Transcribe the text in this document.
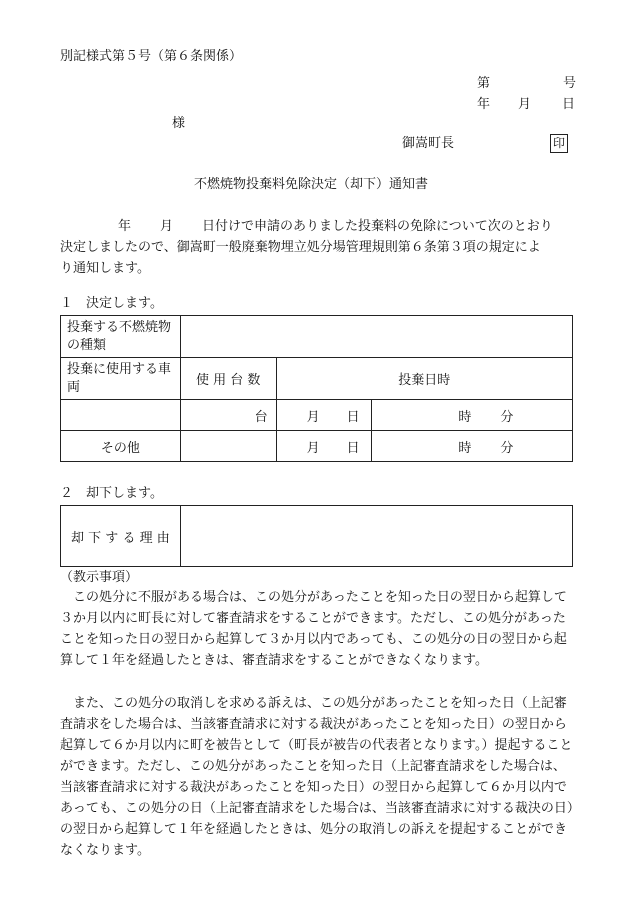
別記様式第５号（第６条関係）
第	号
年 月 日
様
御嵩町長	印
不燃焼物投棄料免除決定（却下）通知書
年 月 日付けで申請のありました投棄料の免除について次のとおり
決定しましたので、御嵩町一般廃棄物埋立処分場管理規則第６条第３項の規定によ
り通知します。
１　決定します。
投棄する不燃焼物の種類			
投棄に使用する車両	使 用 台 数	投棄日時	
	台	月 日	時 分

その他		月 日	時 分
２　却下します。
却 下 す る 理 由	
（教示事項）
この処分に不服がある場合は、この処分があったことを知った日の翌日から起算して３か月以内に町長に対して審査請求をすることができます。ただし、この処分があったことを知った日の翌日から起算して３か月以内であっても、この処分の日の翌日から起算して１年を経過したときは、審査請求をすることができなくなります。
また、この処分の取消しを求める訴えは、この処分があったことを知った日（上記審査請求をした場合は、当該審査請求に対する裁決があったことを知った日）の翌日から起算して６か月以内に町を被告として（町長が被告の代表者となります。）提起することができます。ただし、この処分があったことを知った日（上記審査請求をした場合は、当該審査請求に対する裁決があったことを知った日）の翌日から起算して６か月以内であっても、この処分の日（上記審査請求をした場合は、当該審査請求に対する裁決の日）の翌日から起算して１年を経過したときは、処分の取消しの訴えを提起することができなくなります。
